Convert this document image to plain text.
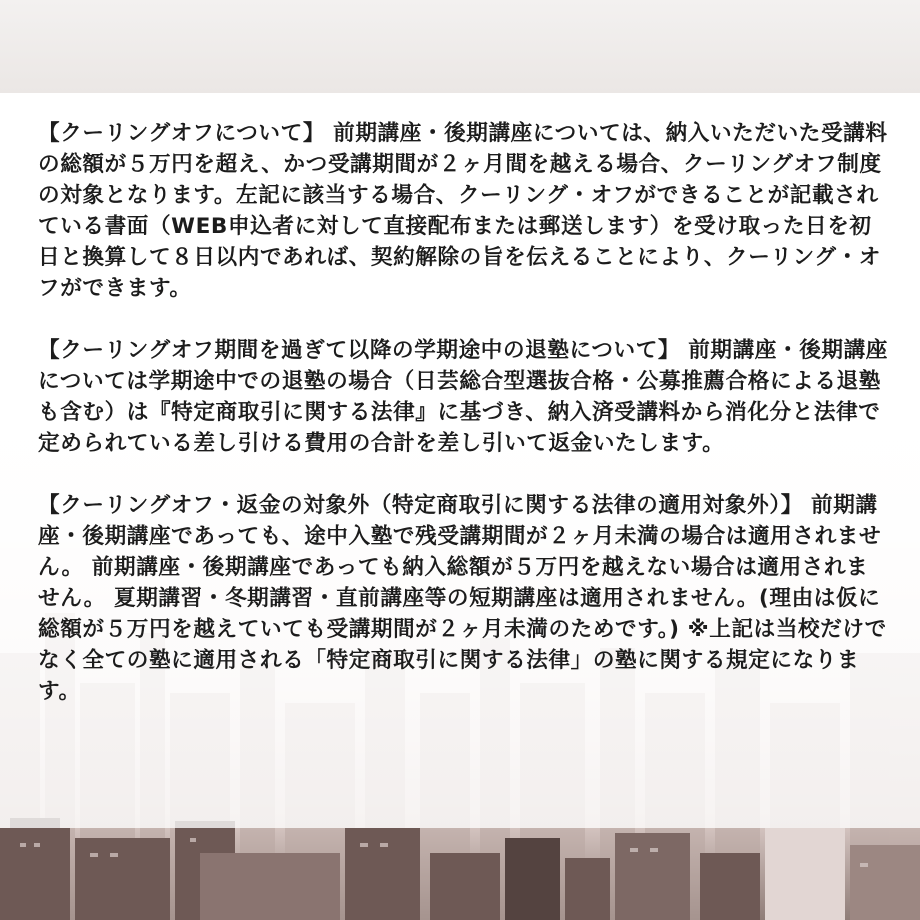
【クーリングオフについて】 前期講座・後期講座については、納入いただいた受講料の総額が５万円を超え、かつ受講期間が２ヶ月間を越える場合、クーリングオフ制度の対象となります。左記に該当する場合、クーリング・オフができることが記載されている書面（WEB申込者に対して直接配布または郵送します）を受け取った日を初日と換算して８日以内であれば、契約解除の旨を伝えることにより、クーリング・オフができます。

【クーリングオフ期間を過ぎて以降の学期途中の退塾について】 前期講座・後期講座については学期途中での退塾の場合（日芸総合型選抜合格・公募推薦合格による退塾も含む）は『特定商取引に関する法律』に基づき、納入済受講料から消化分と法律で定められている差し引ける費用の合計を差し引いて返金いたします。

【クーリングオフ・返金の対象外（特定商取引に関する法律の適用対象外）】 前期講座・後期講座であっても、途中入塾で残受講期間が２ヶ月未満の場合は適用されません。 前期講座・後期講座であっても納入総額が５万円を越えない場合は適用されません。 夏期講習・冬期講習・直前講座等の短期講座は適用されません。(理由は仮に総額が５万円を越えていても受講期間が２ヶ月未満のためです。) ※上記は当校だけでなく全ての塾に適用される「特定商取引に関する法律」の塾に関する規定になります。
